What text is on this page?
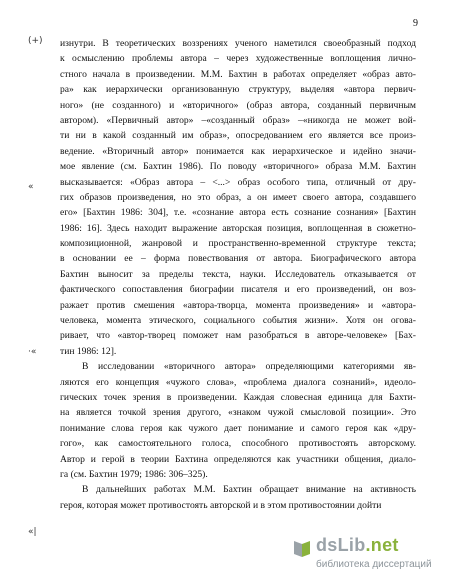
9
(+)
«
·«
«|
изнутри. В теоретических воззрениях ученого наметился своеобразный подход
к осмыслению проблемы автора – через художественные воплощения лично-
стного начала в произведении. М.М. Бахтин в работах определяет «образ авто-
ра» как иерархически организованную структуру, выделяя «автора первич-
ного» (не созданного) и «вторичного» (образ автора, созданный первичным
автором). «Первичный автор» –«созданный образ» –«никогда не может вой-
ти ни в какой созданный им образ», опосредованием его является все произ-
ведение. «Вторичный автор» понимается как иерархическое и идейно значи-
мое явление (см. Бахтин 1986). По поводу «вторичного» образа М.М. Бахтин
высказывается: «Образ автора – <...> образ особого типа, отличный от дру-
гих образов произведения, но это образ, а он имеет своего автора, создавшего
его» [Бахтин 1986: 304], т.е. «сознание автора есть сознание сознания» [Бахтин
1986: 16]. Здесь находит выражение авторская позиция, воплощенная в сюжетно-
композиционной, жанровой и пространственно-временной структуре текста;
в основании ее – форма повествования от автора. Биографического автора
Бахтин выносит за пределы текста, науки. Исследователь отказывается от
фактического сопоставления биографии писателя и его произведений, он воз-
ражает против смешения «автора-творца, момента произведения» и «автора-
человека, момента этического, социального события жизни». Хотя он огова-
ривает, что «автор-творец поможет нам разобраться в авторе-человеке» [Бах-
тин 1986: 12].
В исследовании «вторичного автора» определяющими категориями яв-
ляются его концепция «чужого слова», «проблема диалога сознаний», идеоло-
гических точек зрения в произведении. Каждая словесная единица для Бахти-
на является точкой зрения другого, «знаком чужой смысловой позиции». Это
понимание слова героя как чужого дает понимание и самого героя как «дру-
гого», как самостоятельного голоса, способного противостоять авторскому.
Автор и герой в теории Бахтина определяются как участники общения, диало-
га (см. Бахтин 1979; 1986: 306–325).
В дальнейших работах М.М. Бахтин обращает внимание на активность
героя, которая может противостоять авторской и в этом противостоянии дойти
dsLib.net
библиотека диссертаций
